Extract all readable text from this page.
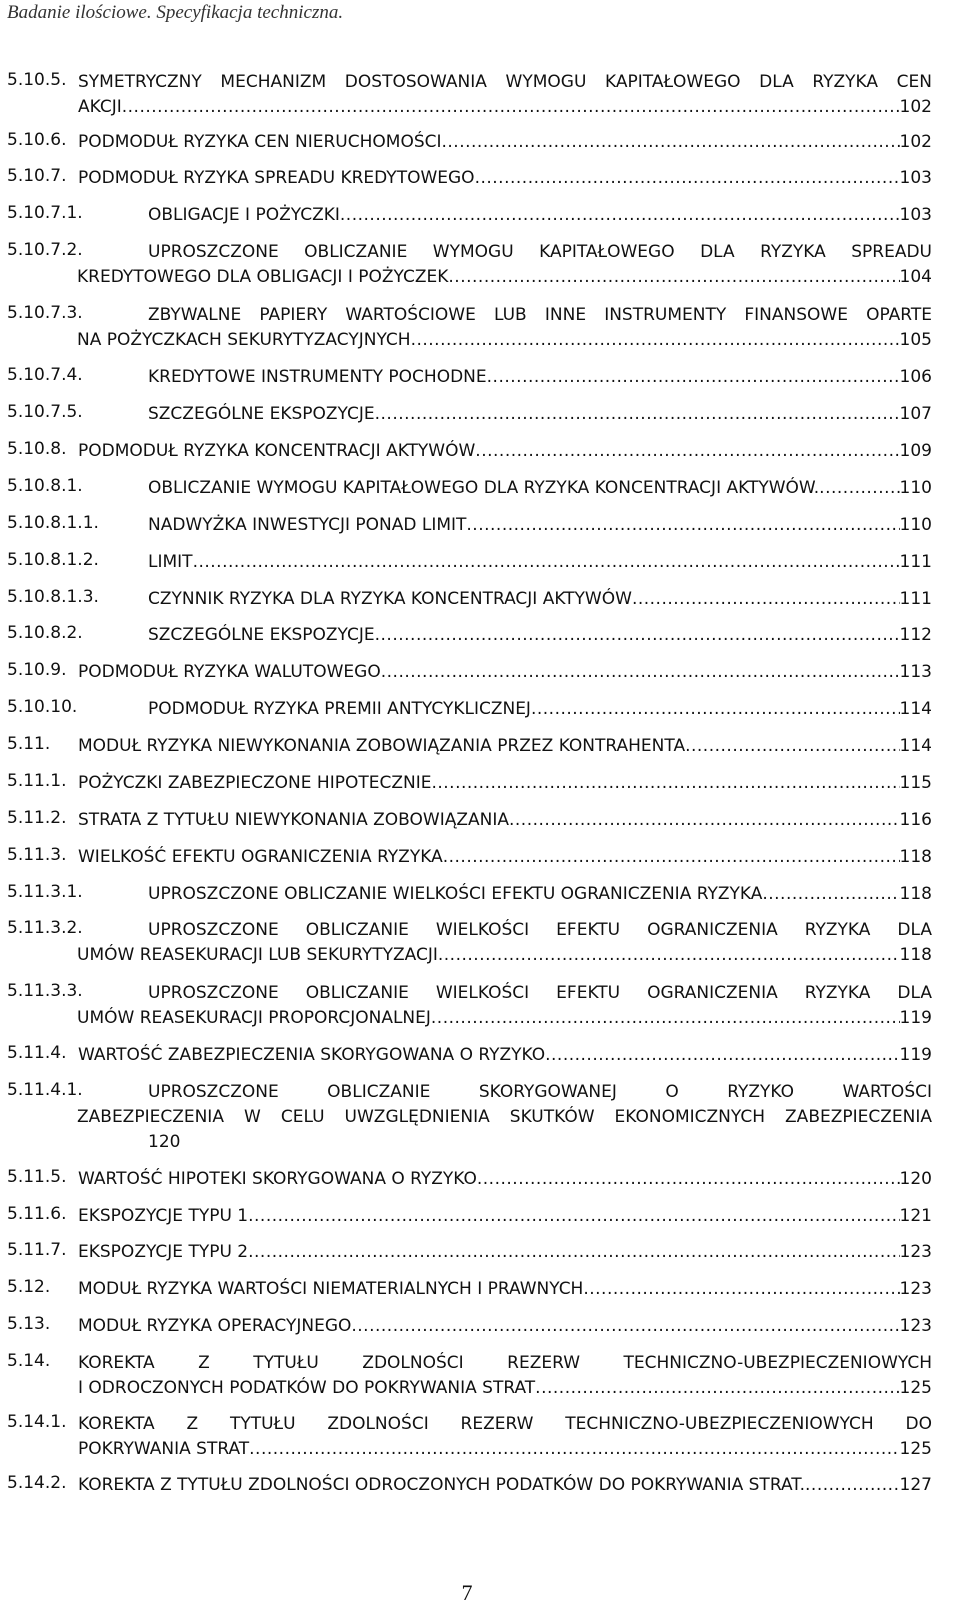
Badanie ilościowe. Specyfikacja techniczna.
5.10.5. SYMETRYCZNY MECHANIZM DOSTOSOWANIA WYMOGU KAPITAŁOWEGO DLA RYZYKA CEN
AKCJI .....	102
5.10.6. PODMODUŁ RYZYKA CEN NIERUCHOMOŚCI .....	102
5.10.7. PODMODUŁ RYZYKA SPREADU KREDYTOWEGO .....	103
5.10.7.1.	OBLIGACJE I POŻYCZKI .....	103
5.10.7.2.	UPROSZCZONE OBLICZANIE WYMOGU KAPITAŁOWEGO DLA RYZYKA SPREADU
KREDYTOWEGO DLA OBLIGACJI I POŻYCZEK .....	104
5.10.7.3.	ZBYWALNE PAPIERY WARTOŚCIOWE LUB INNE INSTRUMENTY FINANSOWE OPARTE
NA POŻYCZKACH SEKURYTYZACYJNYCH .....	105
5.10.7.4.	KREDYTOWE INSTRUMENTY POCHODNE .....	106
5.10.7.5.	SZCZEGÓLNE EKSPOZYCJE .....	107
5.10.8. PODMODUŁ RYZYKA KONCENTRACJI AKTYWÓW .....	109
5.10.8.1.	OBLICZANIE WYMOGU KAPITAŁOWEGO DLA RYZYKA KONCENTRACJI AKTYWÓW. .....	110
5.10.8.1.1.	NADWYŻKA INWESTYCJI PONAD LIMIT .....	110
5.10.8.1.2.	LIMIT .....	111
5.10.8.1.3.	CZYNNIK RYZYKA DLA RYZYKA KONCENTRACJI AKTYWÓW .....	111
5.10.8.2.	SZCZEGÓLNE EKSPOZYCJE .....	112
5.10.9. PODMODUŁ RYZYKA WALUTOWEGO .....	113
5.10.10.	PODMODUŁ RYZYKA PREMII ANTYCYKLICZNEJ .....	114
5.11. MODUŁ RYZYKA NIEWYKONANIA ZOBOWIĄZANIA PRZEZ KONTRAHENTA .....	114
5.11.1. POŻYCZKI ZABEZPIECZONE HIPOTECZNIE .....	115
5.11.2. STRATA Z TYTUŁU NIEWYKONANIA ZOBOWIĄZANIA .....	116
5.11.3. WIELKOŚĆ EFEKTU OGRANICZENIA RYZYKA .....	118
5.11.3.1.	UPROSZCZONE OBLICZANIE WIELKOŚCI EFEKTU OGRANICZENIA RYZYKA .....	118
5.11.3.2.	UPROSZCZONE OBLICZANIE WIELKOŚCI EFEKTU OGRANICZENIA RYZYKA DLA
UMÓW REASEKURACJI LUB SEKURYTYZACJI .....	118
5.11.3.3.	UPROSZCZONE OBLICZANIE WIELKOŚCI EFEKTU OGRANICZENIA RYZYKA DLA
UMÓW REASEKURACJI PROPORCJONALNEJ .....	119
5.11.4. WARTOŚĆ ZABEZPIECZENIA SKORYGOWANA O RYZYKO .....	119
5.11.4.1.	UPROSZCZONE OBLICZANIE SKORYGOWANEJ O RYZYKO WARTOŚCI
ZABEZPIECZENIA W CELU UWZGLĘDNIENIA SKUTKÓW EKONOMICZNYCH ZABEZPIECZENIA
120
5.11.5. WARTOŚĆ HIPOTEKI SKORYGOWANA O RYZYKO .....	120
5.11.6. EKSPOZYCJE TYPU 1 .....	121
5.11.7. EKSPOZYCJE TYPU 2 .....	123
5.12. MODUŁ RYZYKA WARTOŚCI NIEMATERIALNYCH I PRAWNYCH .....	123
5.13. MODUŁ RYZYKA OPERACYJNEGO .....	123
5.14. KOREKTA Z TYTUŁU ZDOLNOŚCI REZERW TECHNICZNO-UBEZPIECZENIOWYCH
I ODROCZONYCH PODATKÓW DO POKRYWANIA STRAT .....	125
5.14.1. KOREKTA Z TYTUŁU ZDOLNOŚCI REZERW TECHNICZNO-UBEZPIECZENIOWYCH DO
POKRYWANIA STRAT .....	125
5.14.2. KOREKTA Z TYTUŁU ZDOLNOŚCI ODROCZONYCH PODATKÓW DO POKRYWANIA STRAT. .....	127
7
